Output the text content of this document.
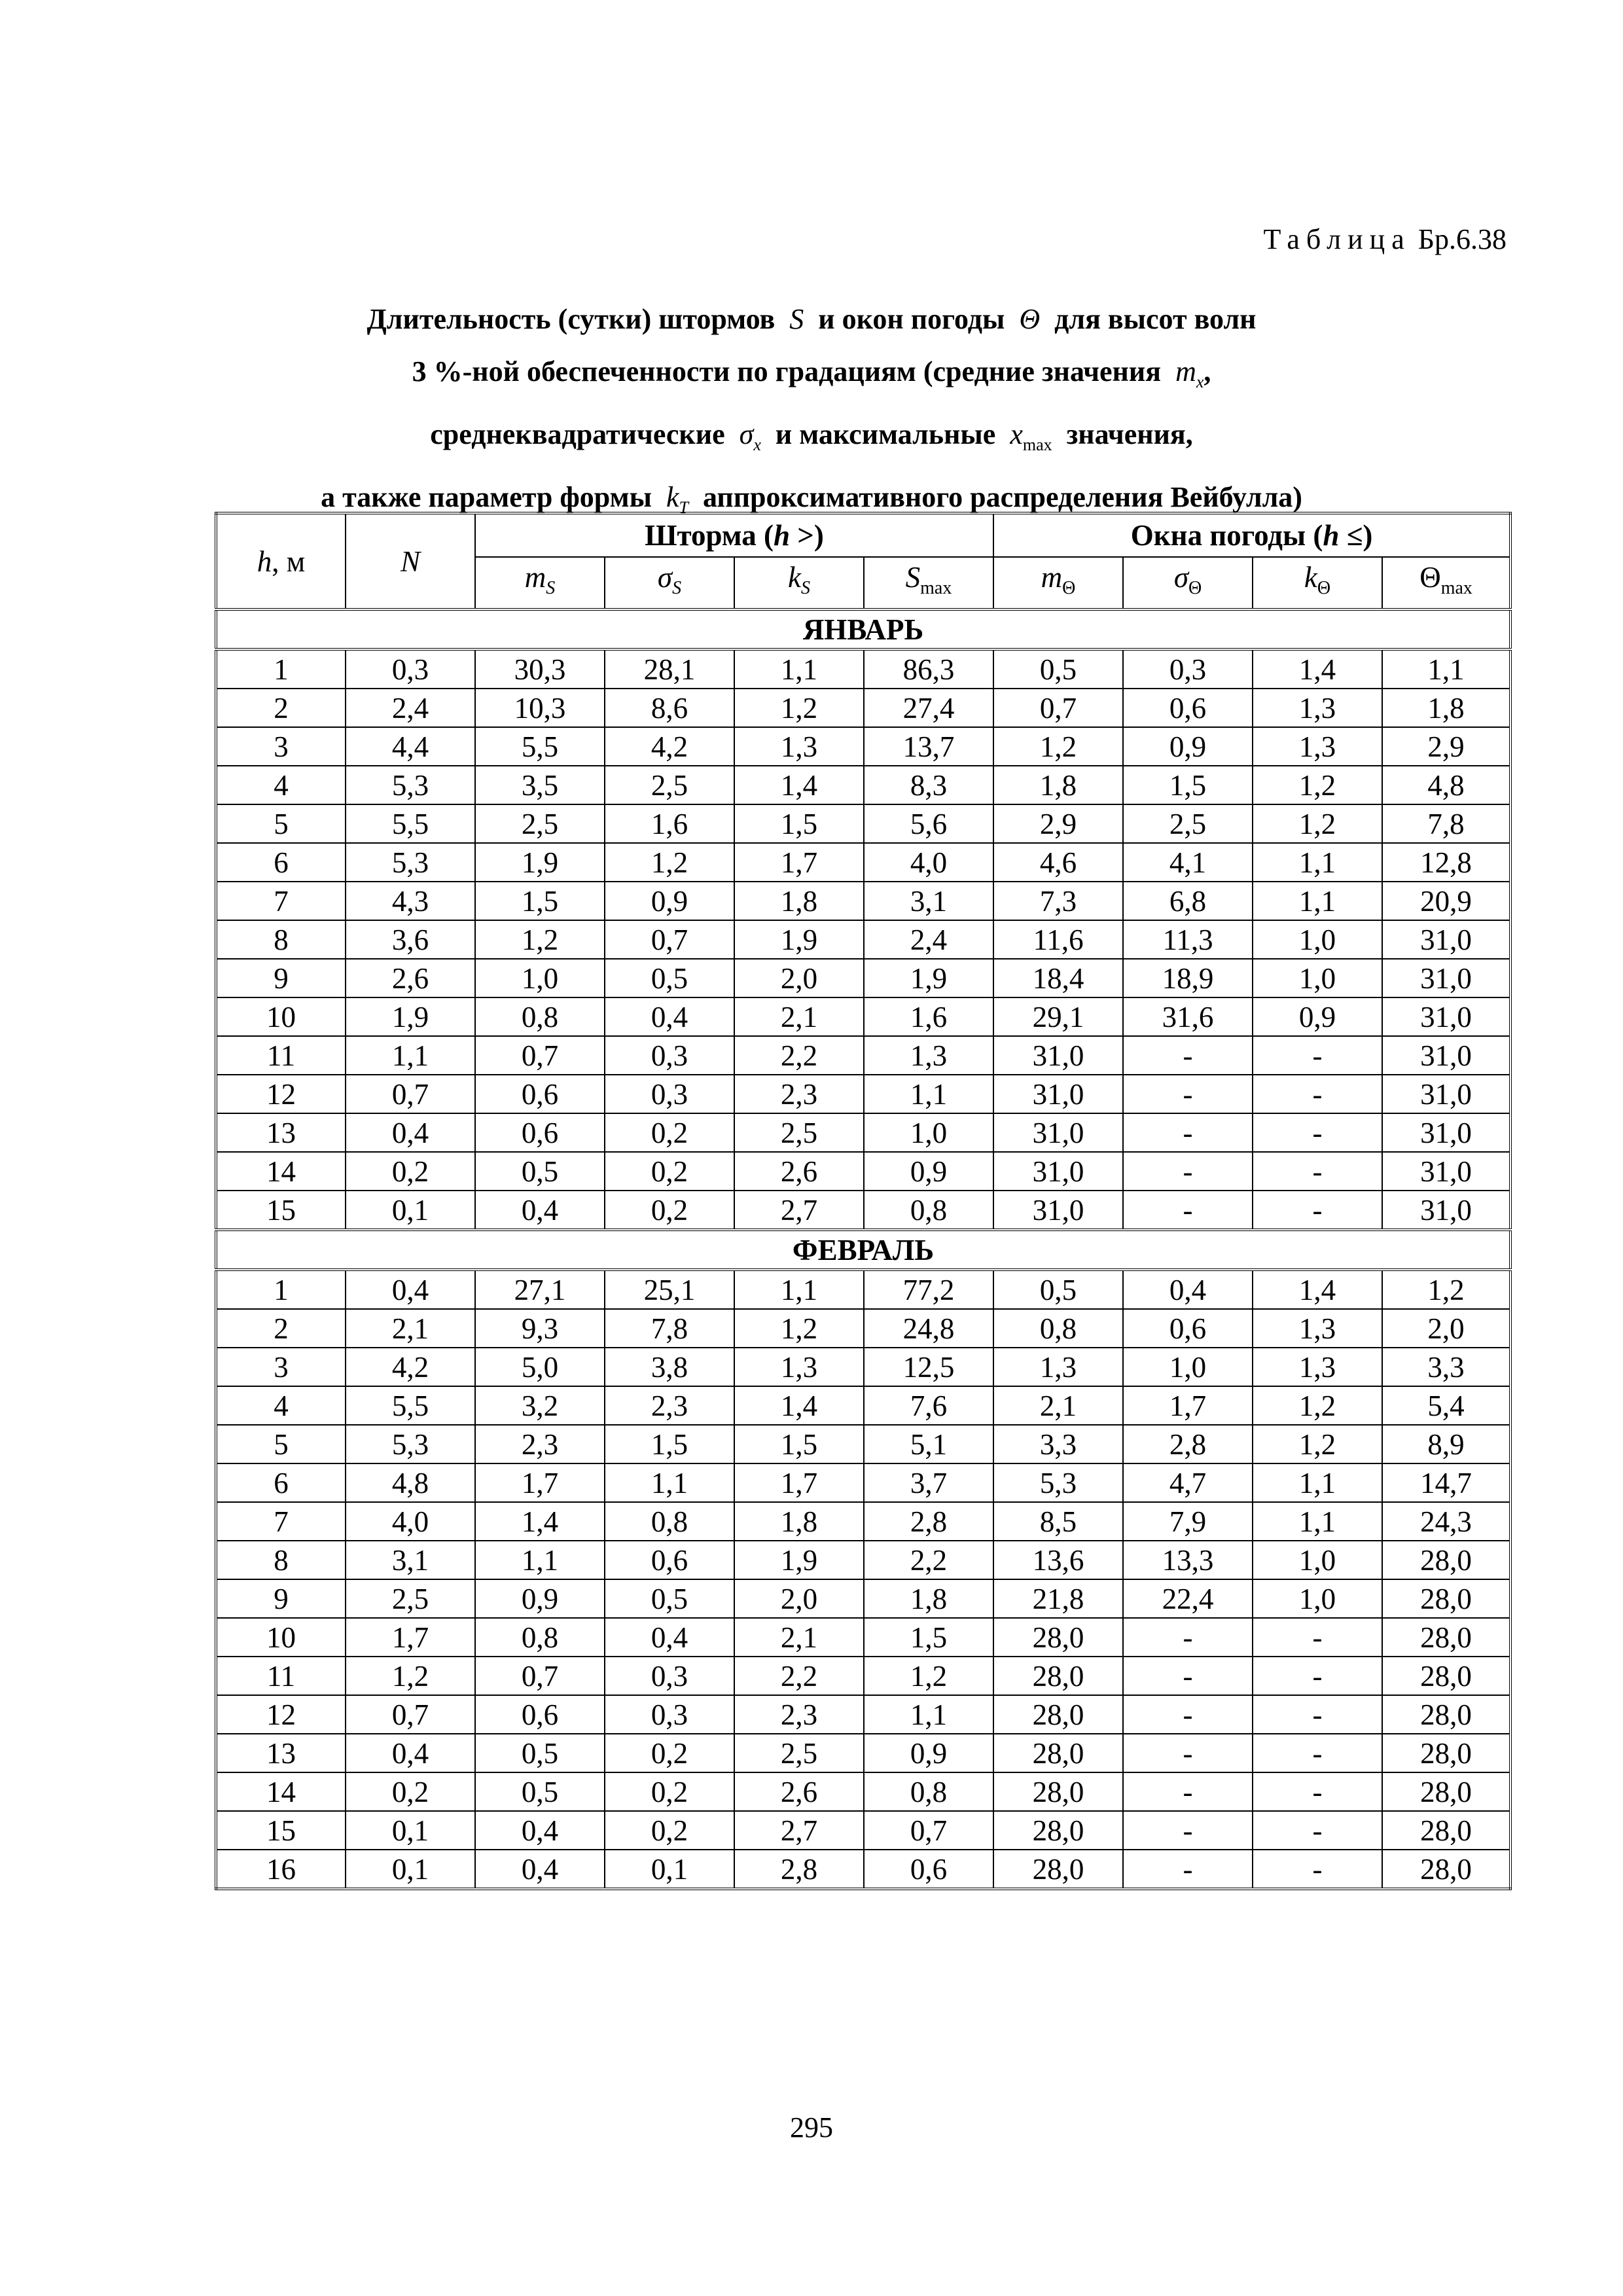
Таблица Бр.6.38
Длительность (сутки) штормов S и окон погоды Θ для высот волн
3 %-ной обеспеченности по градациям (средние значения $m_x$,
среднеквадратические $\sigma_x$ и максимальные $x_{max}$ значения,
а также параметр формы $k_T$ аппроксимативного распределения Вейбулла)
h, м	N	Шторма (h >)				Окна погоды (h ≤)			
		$m_S$	$\sigma_S$	$k_S$	$S_{max}$	$m_\Theta$	$\sigma_\Theta$	$k_\Theta$	$\Theta_{max}$
ЯНВАРЬ									
1	0,3	30,3	28,1	1,1	86,3	0,5	0,3	1,4	1,1
2	2,4	10,3	8,6	1,2	27,4	0,7	0,6	1,3	1,8
3	4,4	5,5	4,2	1,3	13,7	1,2	0,9	1,3	2,9
4	5,3	3,5	2,5	1,4	8,3	1,8	1,5	1,2	4,8
5	5,5	2,5	1,6	1,5	5,6	2,9	2,5	1,2	7,8
6	5,3	1,9	1,2	1,7	4,0	4,6	4,1	1,1	12,8
7	4,3	1,5	0,9	1,8	3,1	7,3	6,8	1,1	20,9
8	3,6	1,2	0,7	1,9	2,4	11,6	11,3	1,0	31,0
9	2,6	1,0	0,5	2,0	1,9	18,4	18,9	1,0	31,0
10	1,9	0,8	0,4	2,1	1,6	29,1	31,6	0,9	31,0
11	1,1	0,7	0,3	2,2	1,3	31,0	-	-	31,0
12	0,7	0,6	0,3	2,3	1,1	31,0	-	-	31,0
13	0,4	0,6	0,2	2,5	1,0	31,0	-	-	31,0
14	0,2	0,5	0,2	2,6	0,9	31,0	-	-	31,0
15	0,1	0,4	0,2	2,7	0,8	31,0	-	-	31,0
ФЕВРАЛЬ									
1	0,4	27,1	25,1	1,1	77,2	0,5	0,4	1,4	1,2
2	2,1	9,3	7,8	1,2	24,8	0,8	0,6	1,3	2,0
3	4,2	5,0	3,8	1,3	12,5	1,3	1,0	1,3	3,3
4	5,5	3,2	2,3	1,4	7,6	2,1	1,7	1,2	5,4
5	5,3	2,3	1,5	1,5	5,1	3,3	2,8	1,2	8,9
6	4,8	1,7	1,1	1,7	3,7	5,3	4,7	1,1	14,7
7	4,0	1,4	0,8	1,8	2,8	8,5	7,9	1,1	24,3
8	3,1	1,1	0,6	1,9	2,2	13,6	13,3	1,0	28,0
9	2,5	0,9	0,5	2,0	1,8	21,8	22,4	1,0	28,0
10	1,7	0,8	0,4	2,1	1,5	28,0	-	-	28,0
11	1,2	0,7	0,3	2,2	1,2	28,0	-	-	28,0
12	0,7	0,6	0,3	2,3	1,1	28,0	-	-	28,0
13	0,4	0,5	0,2	2,5	0,9	28,0	-	-	28,0
14	0,2	0,5	0,2	2,6	0,8	28,0	-	-	28,0
15	0,1	0,4	0,2	2,7	0,7	28,0	-	-	28,0
16	0,1	0,4	0,1	2,8	0,6	28,0	-	-	28,0
295
